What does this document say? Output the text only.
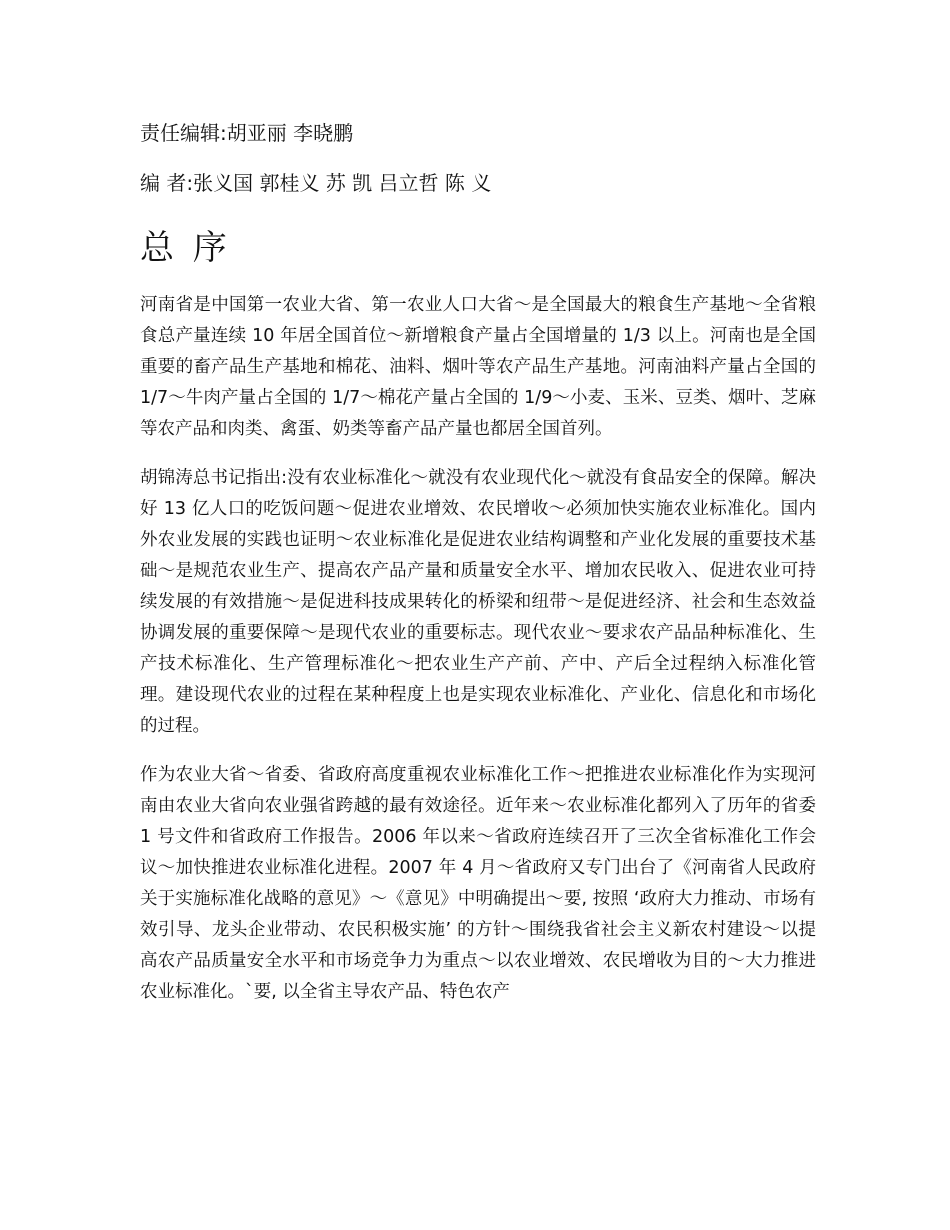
责任编辑:胡亚丽 李晓鹏
编 者:张义国 郭桂义 苏 凯 吕立哲 陈 义
总 序

河南省是中国第一农业大省、第一农业人口大省～是全国最大的粮食生产基地～全省粮食总产量连续 10 年居全国首位～新增粮食产量占全国增量的 1/3 以上。河南也是全国重要的畜产品生产基地和棉花、油料、烟叶等农产品生产基地。河南油料产量占全国的 1/7～牛肉产量占全国的 1/7～棉花产量占全国的 1/9～小麦、玉米、豆类、烟叶、芝麻等农产品和肉类、禽蛋、奶类等畜产品产量也都居全国首列。

胡锦涛总书记指出:没有农业标准化～就没有农业现代化～就没有食品安全的保障。解决好 13 亿人口的吃饭问题～促进农业增效、农民增收～必须加快实施农业标准化。国内外农业发展的实践也证明～农业标准化是促进农业结构调整和产业化发展的重要技术基础～是规范农业生产、提高农产品产量和质量安全水平、增加农民收入、促进农业可持续发展的有效措施～是促进科技成果转化的桥梁和纽带～是促进经济、社会和生态效益协调发展的重要保障～是现代农业的重要标志。现代农业～要求农产品品种标准化、生产技术标准化、生产管理标准化～把农业生产产前、产中、产后全过程纳入标准化管理。建设现代农业的过程在某种程度上也是实现农业标准化、产业化、信息化和市场化的过程。

作为农业大省～省委、省政府高度重视农业标准化工作～把推进农业标准化作为实现河南由农业大省向农业强省跨越的最有效途径。近年来～农业标准化都列入了历年的省委 1 号文件和省政府工作报告。2006 年以来～省政府连续召开了三次全省标准化工作会议～加快推进农业标准化进程。2007 年 4 月～省政府又专门出台了《河南省人民政府关于实施标准化战略的意见》～《意见》中明确提出～要, 按照 ‘政府大力推动、市场有效引导、龙头企业带动、农民积极实施’ 的方针～围绕我省社会主义新农村建设～以提高农产品质量安全水平和市场竞争力为重点～以农业增效、农民增收为目的～大力推进农业标准化。`要, 以全省主导农产品、特色农产
